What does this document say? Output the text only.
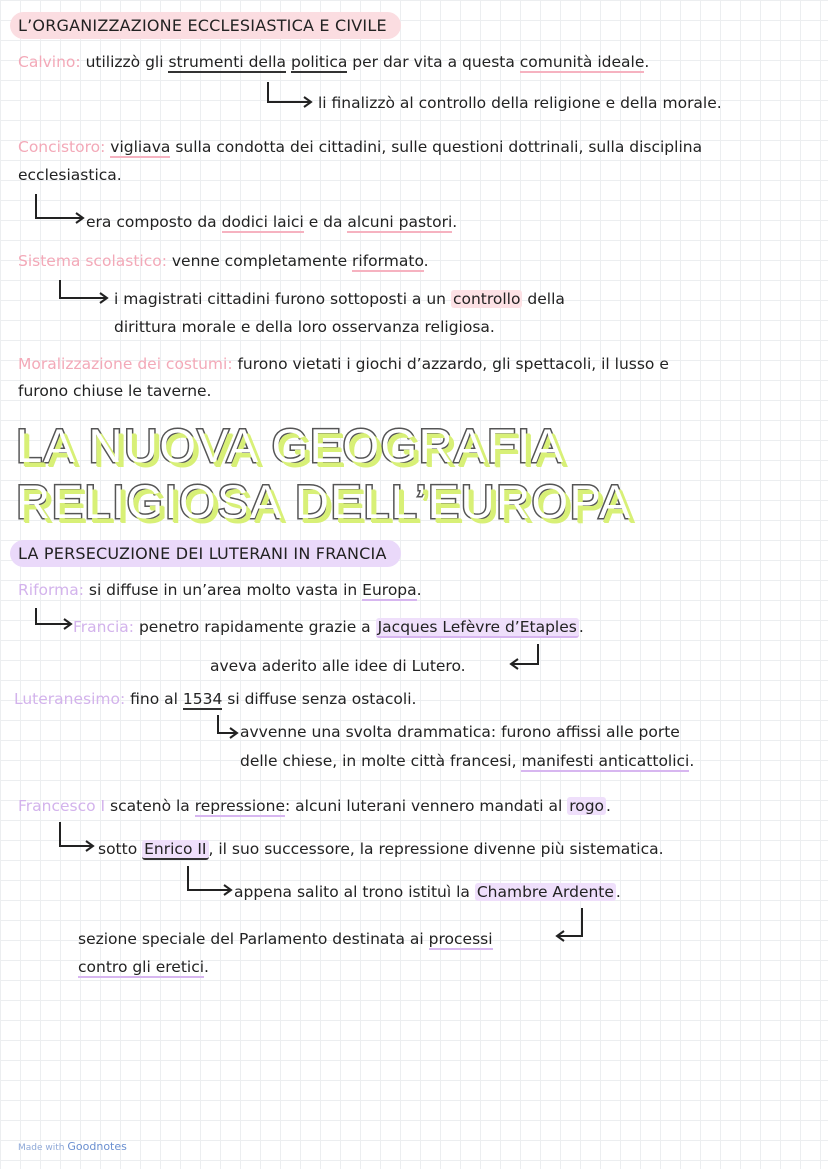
L’ORGANIZZAZIONE ECCLESIASTICA E CIVILE
Calvino: utilizzò gli strumenti della politica per dar vita a questa comunità ideale.
li finalizzò al controllo della religione e della morale.
Concistoro: vigliava sulla condotta dei cittadini, sulle questioni dottrinali, sulla disciplina
ecclesiastica.
era composto da dodici laici e da alcuni pastori.
Sistema scolastico: venne completamente riformato.
i magistrati cittadini furono sottoposti a un controllo della
dirittura morale e della loro osservanza religiosa.
Moralizzazione dei costumi: furono vietati i giochi d’azzardo, gli spettacoli, il lusso e
furono chiuse le taverne.
LA NUOVA GEOGRAFIA
RELIGIOSA DELL’EUROPA
LA PERSECUZIONE DEI LUTERANI IN FRANCIA
Riforma: si diffuse in un’area molto vasta in Europa.
Francia: penetro rapidamente grazie a Jacques Lefèvre d’Etaples .
aveva aderito alle idee di Lutero.
Luteranesimo: fino al 1534 si diffuse senza ostacoli.
avvenne una svolta drammatica: furono affissi alle porte
delle chiese, in molte città francesi, manifesti anticattolici.
Francesco I scatenò la repressione: alcuni luterani vennero mandati al rogo .
sotto Enrico II , il suo successore, la repressione divenne più sistematica.
appena salito al trono istituì la Chambre Ardente .
sezione speciale del Parlamento destinata ai processi
contro gli eretici.
Made with Goodnotes
